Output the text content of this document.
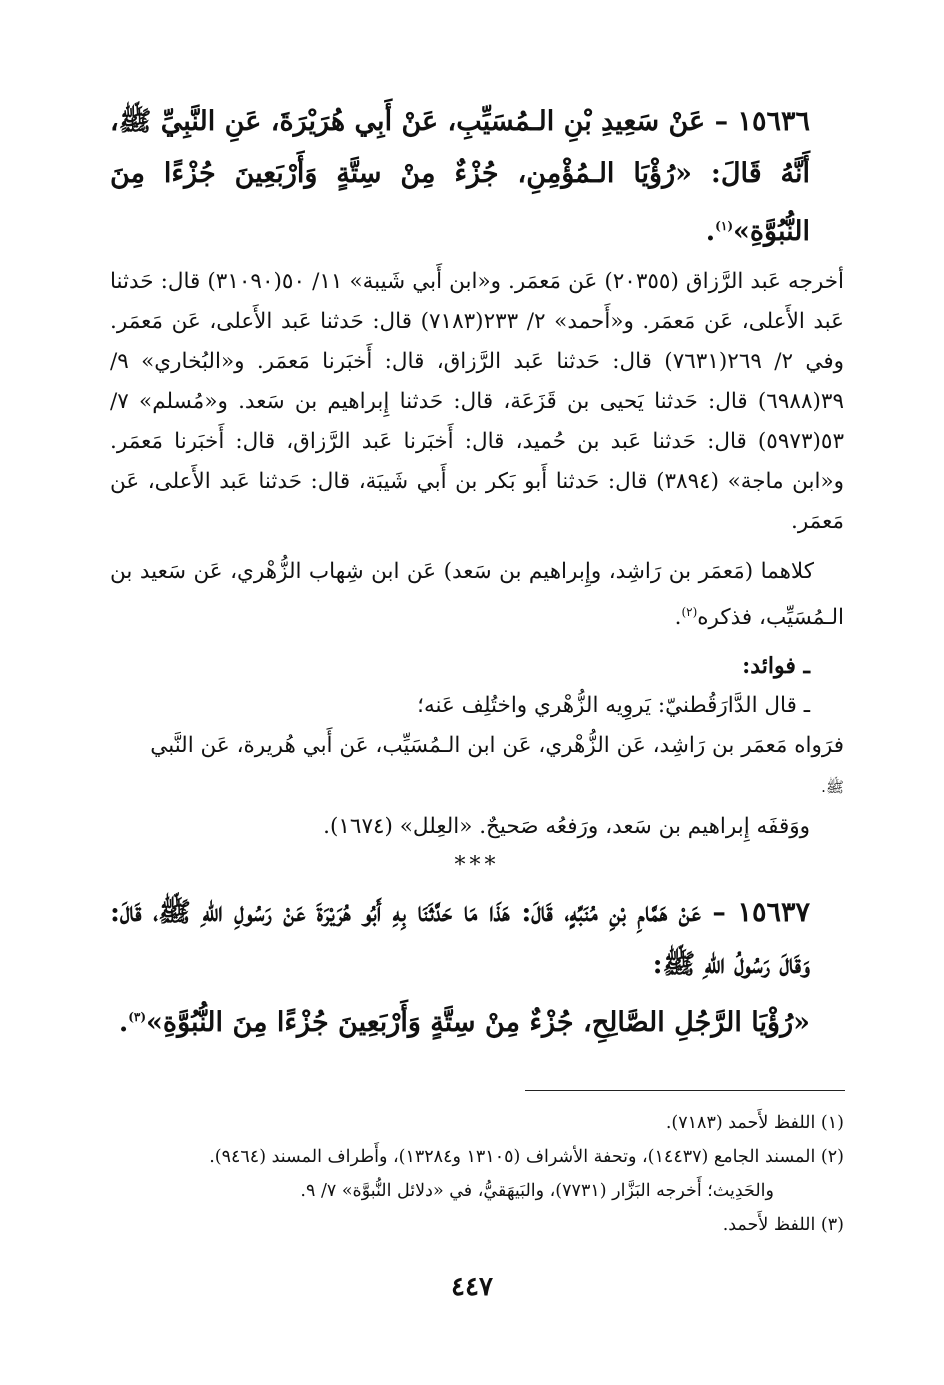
١٥٦٣٦ – عَنْ سَعِيدِ بْنِ الـمُسَيِّبِ، عَنْ أَبِي هُرَيْرَةَ، عَنِ النَّبِيِّ ﷺ، أَنَّهُ قَالَ: «رُؤْيَا الـمُؤْمِنِ، جُزْءٌ مِنْ سِتَّةٍ وَأَرْبَعِينَ جُزْءًا مِنَ النُّبُوَّةِ»$^{(١)}$.

أخرجه عَبد الرَّزاق (٢٠٣٥٥) عَن مَعمَر. و«ابن أَبي شَيبة» ١١/ ٥٠(٣١٠٩٠) قال: حَدثنا عَبد الأَعلى، عَن مَعمَر. و«أَحمد» ٢/ ٢٣٣(٧١٨٣) قال: حَدثنا عَبد الأَعلى، عَن مَعمَر. وفي ٢/ ٢٦٩(٧٦٣١) قال: حَدثنا عَبد الرَّزاق، قال: أَخبَرنا مَعمَر. و«البُخاري» ٩/ ٣٩(٦٩٨٨) قال: حَدثنا يَحيى بن قَزَعَة، قال: حَدثنا إِبراهيم بن سَعد. و«مُسلم» ٧/ ٥٣(٥٩٧٣) قال: حَدثنا عَبد بن حُميد، قال: أَخبَرنا عَبد الرَّزاق، قال: أَخبَرنا مَعمَر. و«ابن ماجة» (٣٨٩٤) قال: حَدثنا أَبو بَكر بن أَبي شَيبَة، قال: حَدثنا عَبد الأَعلى، عَن مَعمَر.

كلاهما (مَعمَر بن رَاشِد، وإِبراهيم بن سَعد) عَن ابن شِهاب الزُّهْري، عَن سَعيد بن الـمُسَيِّب، فذكره$^{(٢)}$.

ـ فوائد:

ـ قال الدَّارَقُطنيّ: يَروِيه الزُّهْري واختُلِف عَنه؛

فرَواه مَعمَر بن رَاشِد، عَن الزُّهْري، عَن ابن الـمُسَيِّب، عَن أَبي هُريرة، عَن النَّبي
ﷺ.

ووَقفَه إِبراهيم بن سَعد، ورَفعُه صَحيحٌ. «العِلل» (١٦٧٤).

***

١٥٦٣٧ – عَنْ هَمَّامِ بْنِ مُنَبِّهٍ، قَالَ: هَذَا مَا حَدَّثَنَا بِهِ أَبُو هُرَيْرَةَ عَنْ رَسُولِ اللهِ ﷺ، قَالَ: وَقَالَ رَسُولُ اللهِ ﷺ:

«رُؤْيَا الرَّجُلِ الصَّالِحِ، جُزْءٌ مِنْ سِتَّةٍ وَأَرْبَعِينَ جُزْءًا مِنَ النُّبُوَّةِ»$^{(٣)}$.

(١) اللفظ لأَحمد (٧١٨٣).

(٢) المسند الجامع (١٤٤٣٧)، وتحفة الأشراف (١٣١٠٥ و١٣٢٨٤)، وأَطراف المسند (٩٤٦٤).

والحَدِيث؛ أَخرجه البَزَّار (٧٧٣١)، والبَيهَقيُّ، في «دلائل النُّبوَّة» ٧/ ٩.

(٣) اللفظ لأَحمد.

٤٤٧
